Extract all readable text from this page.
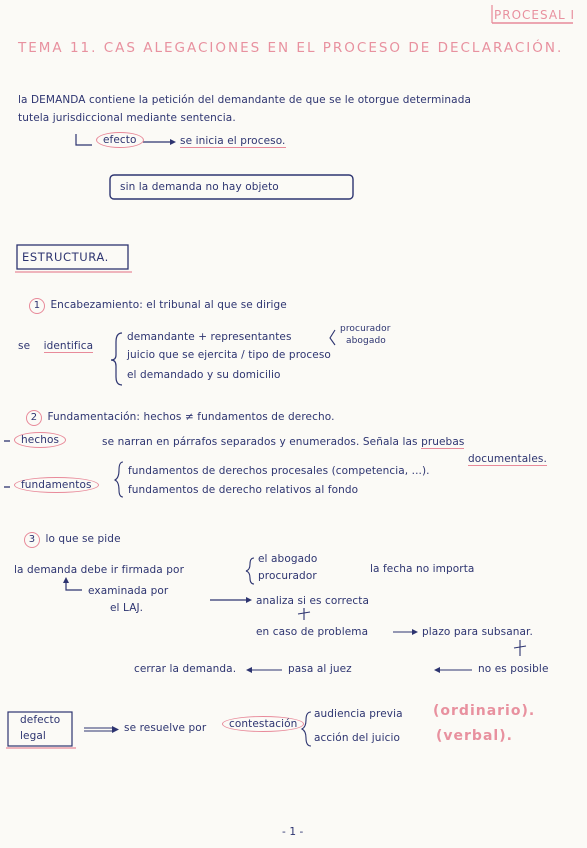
PROCESAL I
TEMA 11. CAS ALEGACIONES EN EL PROCESO DE DECLARACIÓN.
la DEMANDA contiene la petición del demandante de que se le otorgue determinada
tutela jurisdiccional mediante sentencia.
efecto	se inicia el proceso.
sin la demanda no hay objeto
ESTRUCTURA.
1 Encabezamiento: el tribunal al que se dirige
se identifica
demandante + representantes
juicio que se ejercita / tipo de proceso
el demandado y su domicilio
procurador
abogado
2 Fundamentación: hechos ≠ fundamentos de derecho.
hechos	se narran en párrafos separados y enumerados. Señala las pruebas
documentales.
fundamentos
fundamentos de derechos procesales (competencia, ...).
fundamentos de derecho relativos al fondo
3 lo que se pide
la demanda debe ir firmada por
el abogado
procurador
la fecha no importa
examinada por
el LAJ.
analiza si es correcta
en caso de problema	plazo para subsanar.
cerrar la demanda.	pasa al juez	no es posible
defecto
legal
se resuelve por	contestación
audiencia previa (ordinario).
acción del juicio	(verbal).
- 1 -
